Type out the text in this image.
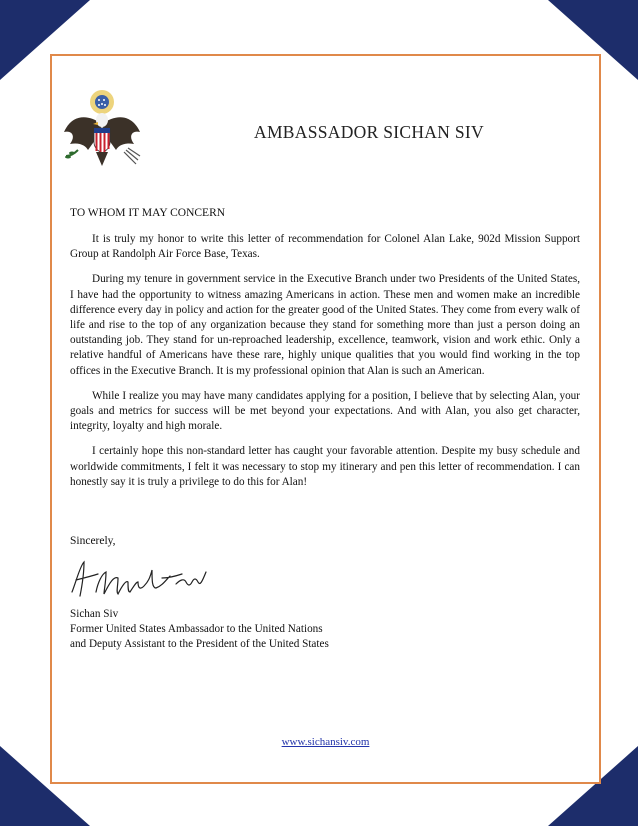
AMBASSADOR SICHAN SIV
TO WHOM IT MAY CONCERN

It is truly my honor to write this letter of recommendation for Colonel Alan Lake, 902d Mission Support Group at Randolph Air Force Base, Texas.

During my tenure in government service in the Executive Branch under two Presidents of the United States, I have had the opportunity to witness amazing Americans in action. These men and women make an incredible difference every day in policy and action for the greater good of the United States. They come from every walk of life and rise to the top of any organization because they stand for something more than just a person doing an outstanding job. They stand for un-reproached leadership, excellence, teamwork, vision and work ethic. Only a relative handful of Americans have these rare, highly unique qualities that you would find working in the top offices in the Executive Branch. It is my professional opinion that Alan is such an American.

While I realize you may have many candidates applying for a position, I believe that by selecting Alan, your goals and metrics for success will be met beyond your expectations. And with Alan, you also get character, integrity, loyalty and high morale.

I certainly hope this non-standard letter has caught your favorable attention. Despite my busy schedule and worldwide commitments, I felt it was necessary to stop my itinerary and pen this letter of recommendation. I can honestly say it is truly a privilege to do this for Alan!

Sincerely,
Sichan Siv
Former United States Ambassador to the United Nations
and Deputy Assistant to the President of the United States
www.sichansiv.com
